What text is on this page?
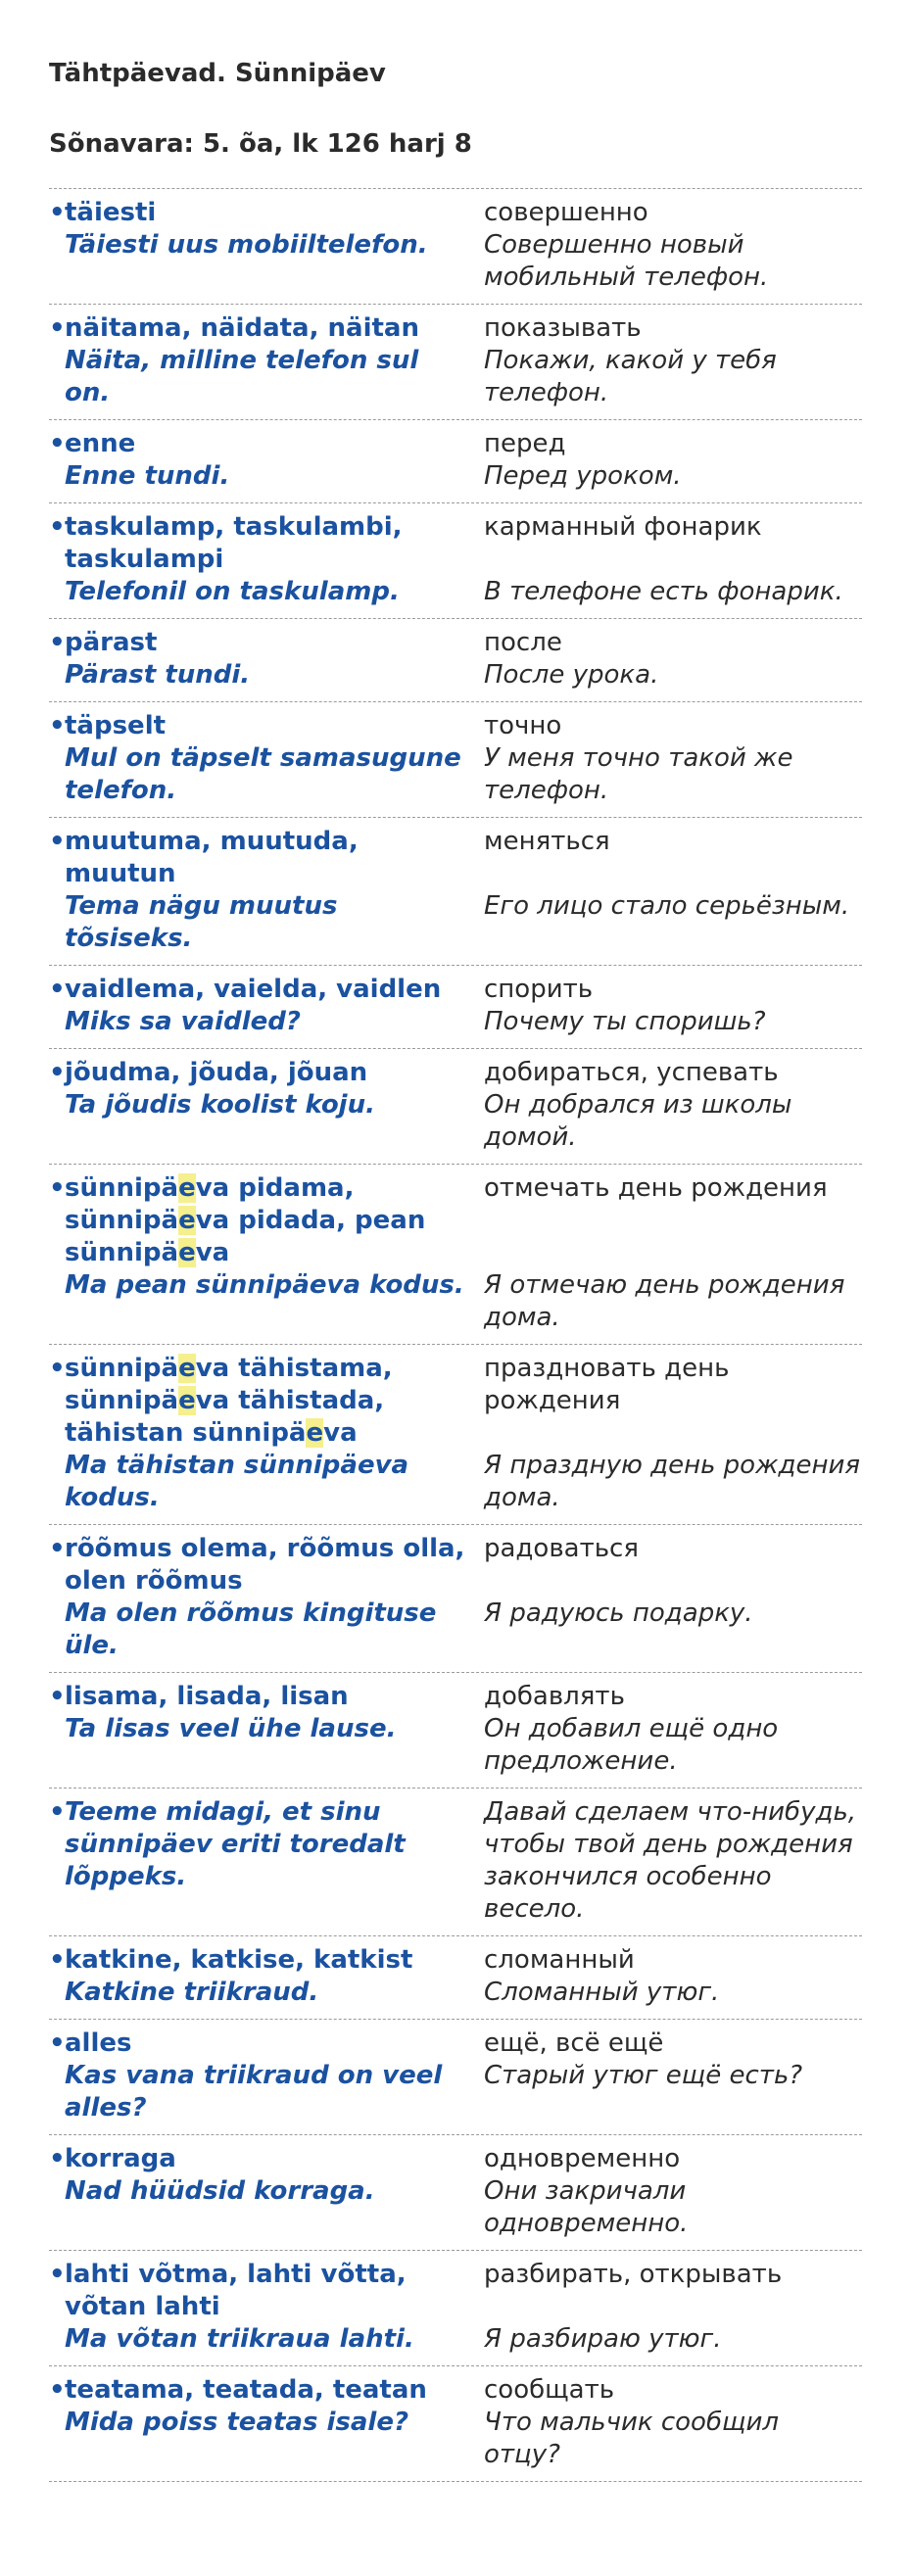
Tähtpäevad. Sünnipäev
Sõnavara: 5. õa, lk 126 harj 8
• täiesti
Täiesti uus mobiiltelefon.
совершенно
Совершенно новый мобильный телефон.
• näitama, näidata, näitan
Näita, milline telefon sul on.
показывать
Покажи, какой у тебя телефон.
• enne
Enne tundi.
перед
Перед уроком.
• taskulamp, taskulambi, taskulampi
Telefonil on taskulamp.
карманный фонарик
В телефоне есть фонарик.
• pärast
Pärast tundi.
после
После урока.
• täpselt
Mul on täpselt samasugune telefon.
точно
У меня точно такой же телефон.
• muutuma, muutuda, muutun
Tema nägu muutus tõsiseks.
меняться
Его лицо стало серьёзным.
• vaidlema, vaielda, vaidlen
Miks sa vaidled?
спорить
Почему ты споришь?
• jõudma, jõuda, jõuan
Ta jõudis koolist koju.
добираться, успевать
Он добрался из школы домой.
• sünnipäeva pidama, sünnipäeva pidada, pean sünnipäeva
Ma pean sünnipäeva kodus.
отмечать день рождения
Я отмечаю день рождения дома.
• sünnipäeva tähistama, sünnipäeva tähistada, tähistan sünnipäeva
Ma tähistan sünnipäeva kodus.
праздновать день рождения
Я праздную день рождения дома.
• rõõmus olema, rõõmus olla, olen rõõmus
Ma olen rõõmus kingituse üle.
радоваться
Я радуюсь подарку.
• lisama, lisada, lisan
Ta lisas veel ühe lause.
добавлять
Он добавил ещё одно предложение.
• Teeme midagi, et sinu sünnipäev eriti toredalt lõppeks.
Давай сделаем что-нибудь, чтобы твой день рождения закончился особенно весело.
• katkine, katkise, katkist
Katkine triikraud.
сломанный
Сломанный утюг.
• alles
Kas vana triikraud on veel alles?
ещё, всё ещё
Старый утюг ещё есть?
• korraga
Nad hüüdsid korraga.
одновременно
Они закричали одновременно.
• lahti võtma, lahti võtta, võtan lahti
Ma võtan triikraua lahti.
разбирать, открывать
Я разбираю утюг.
• teatama, teatada, teatan
Mida poiss teatas isale?
сообщать
Что мальчик сообщил отцу?
